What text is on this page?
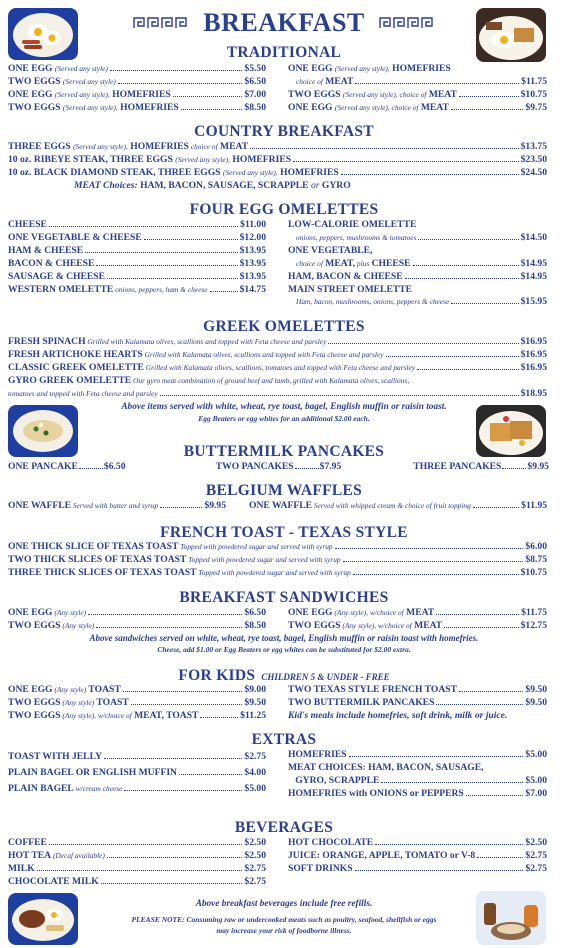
BREAKFAST
TRADITIONAL
ONE EGG (Served any style)	$5.50
TWO EGGS (Served any style)	$6.50
ONE EGG (Served any style), HOMEFRIES	$7.00
TWO EGGS (Served any style), HOMEFRIES	$8.50
ONE EGG (Served any style), HOMEFRIES
choice of MEAT	$11.75
TWO EGGS (Served any style), choice of MEAT	$10.75
ONE EGG (Served any style), choice of MEAT	$9.75
COUNTRY BREAKFAST
THREE EGGS (Served any style), HOMEFRIES choice of MEAT	$13.75
10 oz. RIBEYE STEAK, THREE EGGS (Served any style), HOMEFRIES	$23.50
10 oz. BLACK DIAMOND STEAK, THREE EGGS (Served any style), HOMEFRIES	$24.50
MEAT Choices: HAM, BACON, SAUSAGE, SCRAPPLE or GYRO
FOUR EGG OMELETTES
CHEESE	$11.00
ONE VEGETABLE & CHEESE	$12.00
HAM & CHEESE	$13.95
BACON & CHEESE	$13.95
SAUSAGE & CHEESE	$13.95
WESTERN OMELETTE onions, peppers, ham & cheese	$14.75
LOW-CALORIE OMELETTE
onions, peppers, mushrooms & tomatoes	$14.50
ONE VEGETABLE,
choice of MEAT, plus CHEESE	$14.95
HAM, BACON & CHEESE	$14.95
MAIN STREET OMELETTE
Ham, bacon, mushrooms, onions, peppers & cheese	$15.95
GREEK OMELETTES
FRESH SPINACH Grilled with Kalamata olives, scallions and topped with Feta cheese and parsley	$16.95
FRESH ARTICHOKE HEARTS Grilled with Kalamata olives, scallions and topped with Feta cheese and parsley	$16.95
CLASSIC GREEK OMELETTE Grilled with Kalamata olives, scallions, tomatoes and topped with Feta cheese and parsley	$16.95
GYRO GREEK OMELETTE Our gyro meat combination of ground beef and lamb, grilled with Kalamata olives, scallions,
tomatoes and topped with Feta cheese and parsley	$18.95
Above items served with white, wheat, rye toast, bagel, English muffin or raisin toast.
Egg Beaters or egg whites for an additional $2.00 each.
BUTTERMILK PANCAKES
ONE PANCAKE	$6.50	TWO PANCAKES	$7.95	THREE PANCAKES	$9.95
BELGIUM WAFFLES
ONE WAFFLE Served with butter and syrup	$9.95 ONE WAFFLE Served with whipped cream & choice of fruit topping	$11.95
FRENCH TOAST - TEXAS STYLE
ONE THICK SLICE OF TEXAS TOAST Topped with powdered sugar and served with syrup	$6.00
TWO THICK SLICES OF TEXAS TOAST Topped with powdered sugar and served with syrup	$8.75
THREE THICK SLICES OF TEXAS TOAST Topped with powdered sugar and served with syrup	$10.75
BREAKFAST SANDWICHES
ONE EGG (Any style)	$6.50
TWO EGGS (Any style)	$8.50
ONE EGG (Any style), w/choice of MEAT	$11.75
TWO EGGS (Any style), w/choice of MEAT	$12.75
Above sandwiches served on white, wheat, rye toast, bagel, English muffin or raisin toast with homefries.
Cheese, add $1.00 or Egg Beaters or egg whites can be substituted for $2.00 extra.
FOR KIDS CHILDREN 5 & UNDER - FREE
ONE EGG (Any style) TOAST	$9.00
TWO EGGS (Any style) TOAST	$9.50
TWO EGGS (Any style), w/choice of MEAT, TOAST	$11.25
TWO TEXAS STYLE FRENCH TOAST	$9.50
TWO BUTTERMILK PANCAKES	$9.50
Kid's meals include homefries, soft drink, milk or juice.
EXTRAS
TOAST WITH JELLY	$2.75
PLAIN BAGEL OR ENGLISH MUFFIN	$4.00
PLAIN BAGEL w/cream cheese	$5.00
HOMEFRIES	$5.00
MEAT CHOICES: HAM, BACON, SAUSAGE,
GYRO, SCRAPPLE	$5.00
HOMEFRIES with ONIONS or PEPPERS	$7.00
BEVERAGES
COFFEE	$2.50
HOT TEA (Decaf available)	$2.50
MILK	$2.75
CHOCOLATE MILK	$2.75
HOT CHOCOLATE	$2.50
JUICE: ORANGE, APPLE, TOMATO or V-8	$2.75
SOFT DRINKS	$2.75
Above breakfast beverages include free refills.
PLEASE NOTE: Consuming raw or undercooked meats such as poultry, seafood, shellfish or eggs
may increase your risk of foodborne illness.
